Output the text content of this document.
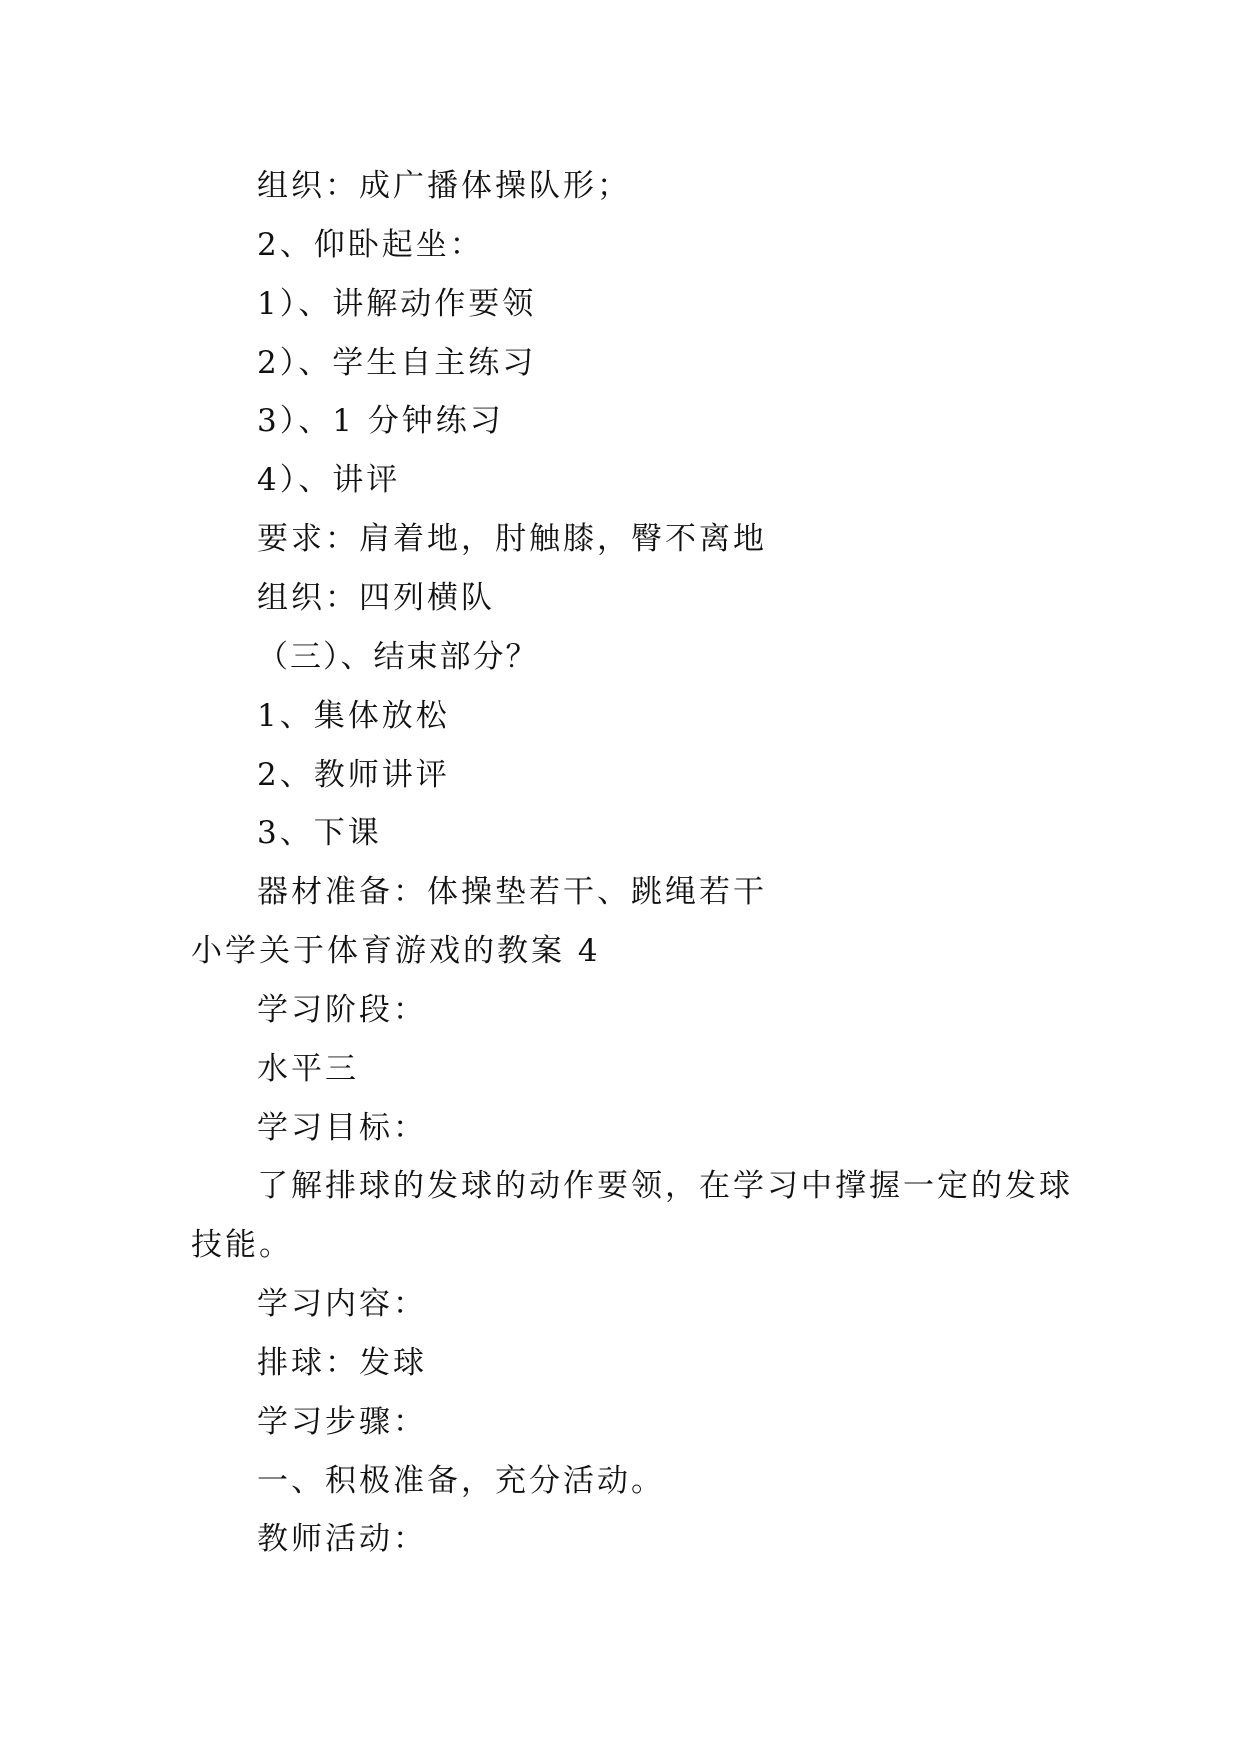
组织：成广播体操队形；
2、仰卧起坐：
1）、讲解动作要领
2）、学生自主练习
3）、1 分钟练习
4）、讲评
要求：肩着地，肘触膝，臀不离地
组织：四列横队
（三）、结束部分？
1、集体放松
2、教师讲评
3、下课
器材准备：体操垫若干、跳绳若干
小学关于体育游戏的教案 4
学习阶段：
水平三
学习目标：
了解排球的发球的动作要领，在学习中撑握一定的发球
技能。
学习内容：
排球：发球
学习步骤：
一、积极准备，充分活动。
教师活动：
